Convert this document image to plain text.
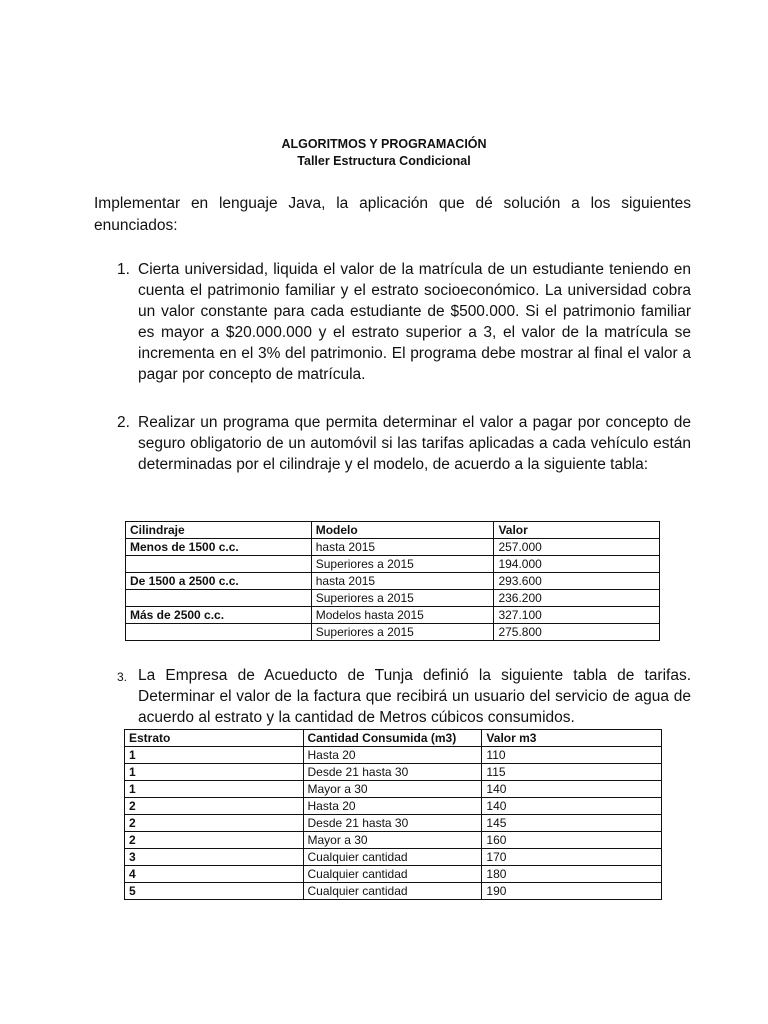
ALGORITMOS Y PROGRAMACIÓN
Taller Estructura Condicional
Implementar en lenguaje Java, la aplicación que dé solución a los siguientes enunciados:
1. Cierta universidad, liquida el valor de la matrícula de un estudiante teniendo en cuenta el patrimonio familiar y el estrato socioeconómico. La universidad cobra un valor constante para cada estudiante de $500.000. Si el patrimonio familiar es mayor a $20.000.000 y el estrato superior a 3, el valor de la matrícula se incrementa en el 3% del patrimonio. El programa debe mostrar al final el valor a pagar por concepto de matrícula.
2. Realizar un programa que permita determinar el valor a pagar por concepto de seguro obligatorio de un automóvil si las tarifas aplicadas a cada vehículo están determinadas por el cilindraje y el modelo, de acuerdo a la siguiente tabla:
Cilindraje	Modelo	Valor
Menos de 1500 c.c.	hasta 2015	257.000
	Superiores a 2015	194.000
De 1500 a 2500 c.c.	hasta 2015	293.600
	Superiores a 2015	236.200
Más de 2500 c.c.	Modelos hasta 2015	327.100
	Superiores a 2015	275.800
3. La Empresa de Acueducto de Tunja definió la siguiente tabla de tarifas. Determinar el valor de la factura que recibirá un usuario del servicio de agua de acuerdo al estrato y la cantidad de Metros cúbicos consumidos.
Estrato	Cantidad Consumida (m3)	Valor m3
1	Hasta 20	110
1	Desde 21 hasta 30	115
1	Mayor a 30	140
2	Hasta 20	140
2	Desde 21 hasta 30	145
2	Mayor a 30	160
3	Cualquier cantidad	170
4	Cualquier cantidad	180
5	Cualquier cantidad	190
